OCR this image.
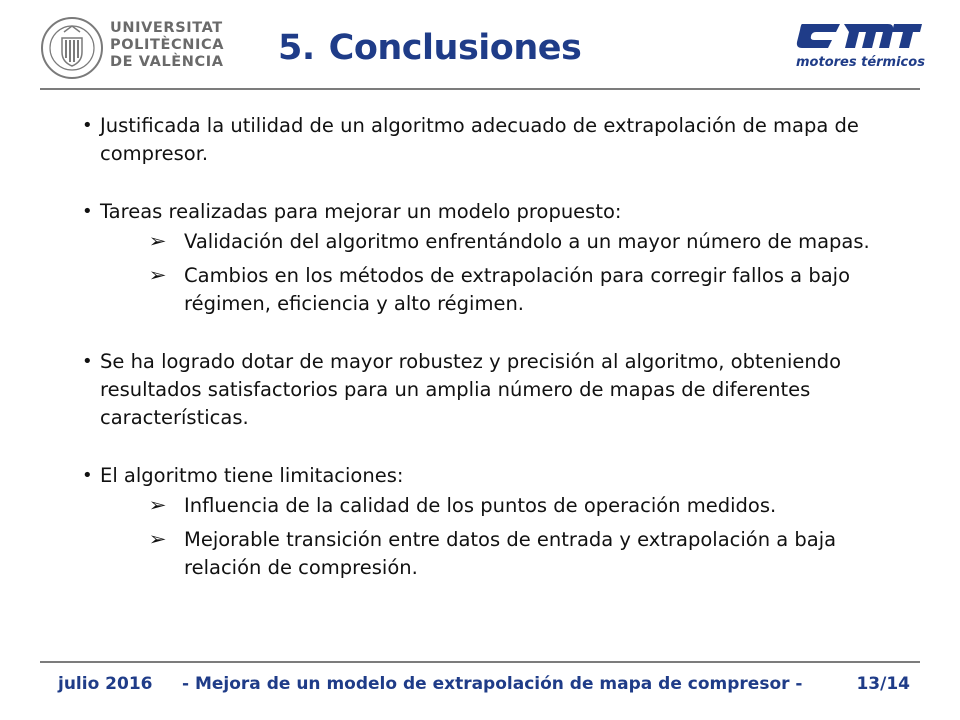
UNIVERSITAT
POLITÈCNICA
DE VALÈNCIA 5. Conclusiones	motores térmicos
• Justificada la utilidad de un algoritmo adecuado de extrapolación de mapa de compresor.
• Tareas realizadas para mejorar un modelo propuesto:
➢ Validación del algoritmo enfrentándolo a un mayor número de mapas.
➢ Cambios en los métodos de extrapolación para corregir fallos a bajo régimen, eficiencia y alto régimen.
• Se ha logrado dotar de mayor robustez y precisión al algoritmo, obteniendo resultados satisfactorios para un amplia número de mapas de diferentes características.
• El algoritmo tiene limitaciones:
➢ Influencia de la calidad de los puntos de operación medidos.
➢ Mejorable transición entre datos de entrada y extrapolación a baja relación de compresión.
julio 2016 - Mejora de un modelo de extrapolación de mapa de compresor -	13/14
